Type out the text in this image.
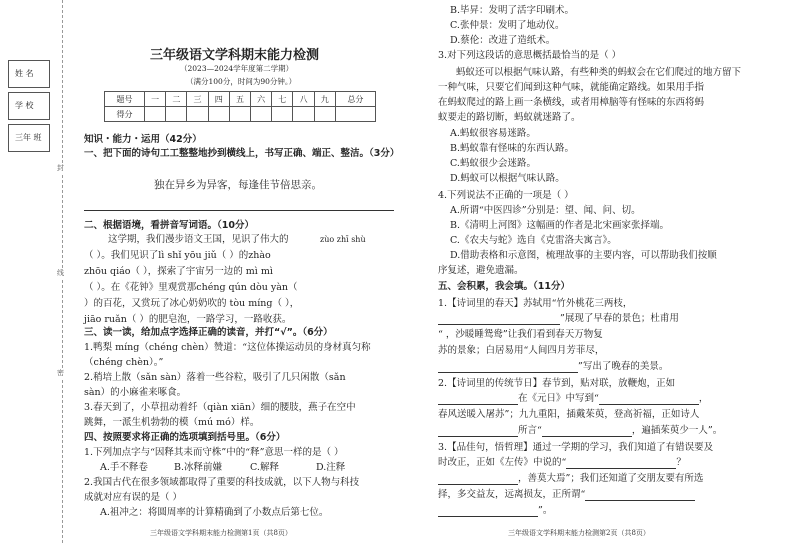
姓 名
学 校
三年 班
封
线
密
三年级语文学科期末能力检测
（2023—2024学年度第二学期）
（满分100分，时间为90分钟。）
题号	一	二	三	四	五	六	七	八	九	总分
得分										
知识・能力・运用（42分）
一、把下面的诗句工工整整地抄到横线上，书写正确、端正、整洁。（3分）
独在异乡为异客，每逢佳节倍思亲。
二、根据语境，看拼音写词语。（10分）
zùo zhī shù
这学期，我们漫步语文王国，见识了伟大的
（ ）。我们见识了lì shǐ yōu jiǔ（ ）的zhào
zhōu qiáo（ ），探索了宇宙另一边的 mì mì
（ ）。在《花钟》里观赏那chéng qún dòu yàn（
）的百花，又赏玩了冰心奶奶吹的 tòu míng（ ），
jiāo ruǎn（ ）的肥皂泡，一路学习，一路收获。
三、读一读，给加点字选择正确的读音，并打“√”。（6分）
1.鸭梨 míng（chéng chèn）赞道：“这位体操运动员的身材真匀称
（chéng chèn）。”
2.稍培上散（sǎn sàn）落着一些谷粒，吸引了几只闲散（sǎn
sàn）的小麻雀来啄食。
3.春天到了，小草扭动着纤（qiàn xiān）细的腰肢，燕子在空中
跳舞，一派生机勃勃的模（mú mó）样。
四、按照要求将正确的选项填到括号里。（6分）
1.下列加点字与“因释其耒而守株”中的“释”意思一样的是（ ）
A.手不释卷	B.冰释前嫌	C.解释	D.注释
2.我国古代在很多领域都取得了重要的科技成就，以下人物与科技
成就对应有误的是（ ）
A.祖冲之：将圆周率的计算精确到了小数点后第七位。
三年级语文学科期末能力检测第1页（共8页）
B.毕昇：发明了活字印刷术。
C.张仲景：发明了地动仪。
D.蔡伦：改进了造纸术。
3.对下列这段话的意思概括最恰当的是（ ）
蚂蚁还可以根据气味认路，有些种类的蚂蚁会在它们爬过的地方留下
一种气味，只要它们闻到这种气味，就能确定路线。如果用手指
在蚂蚁爬过的路上画一条横线，或者用樟脑等有怪味的东西将蚂
蚁要走的路切断，蚂蚁就迷路了。
A.蚂蚁很容易迷路。
B.蚂蚁靠有怪味的东西认路。
C.蚂蚁很少会迷路。
D.蚂蚁可以根据气味认路。
4.下列说法不正确的一项是（ ）
A.所谓“中医四诊”分别是：望、闻、问、切。
B.《清明上河图》这幅画的作者是北宋画家张择端。
C.《农夫与蛇》选自《克雷洛夫寓言》。
D.借助表格和示意图，梳理故事的主要内容，可以帮助我们按顺
序复述，避免遗漏。
五、会积累，我会填。（11分）
1.【诗词里的春天】苏轼用“竹外桃花三两枝，
”展现了早春的景色；杜甫用
“ ，沙暖睡鸳鸯”让我们看到春天万物复
苏的景象；白居易用“人间四月芳菲尽，
”写出了晚春的美景。
2.【诗词里的传统节日】春节到，贴对联，放鞭炮，正如
在《元日》中写到“	，
春风送暖入屠苏”；九九重阳，插戴茱萸，登高祈福，正如诗人
所言“	，遍插茱萸少一人”。
3.【品佳句，悟哲理】通过一学期的学习，我们知道了有错误要及
时改正，正如《左传》中说的“	？
，善莫大焉”；我们还知道了交朋友要有所选
择，多交益友，远离损友，正所谓“
”。
三年级语文学科期末能力检测第2页（共8页）
